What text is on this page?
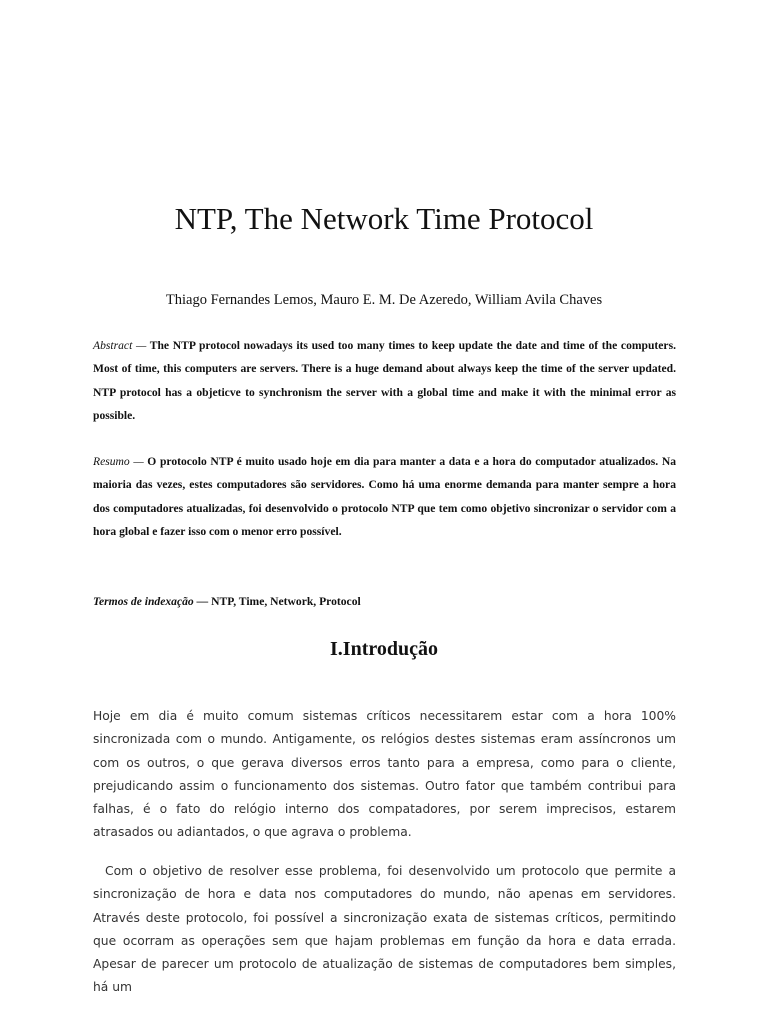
NTP, The Network Time Protocol
Thiago Fernandes Lemos, Mauro E. M. De Azeredo, William Avila Chaves

Abstract — The NTP protocol nowadays its used too many times to keep update the date and time of the computers. Most of time, this computers are servers. There is a huge demand about always keep the time of the server updated. NTP protocol has a objeticve to synchronism the server with a global time and make it with the minimal error as possible.

Resumo — O protocolo NTP é muito usado hoje em dia para manter a data e a hora do computador atualizados. Na maioria das vezes, estes computadores são servidores. Como há uma enorme demanda para manter sempre a hora dos computadores atualizadas, foi desenvolvido o protocolo NTP que tem como objetivo sincronizar o servidor com a hora global e fazer isso com o menor erro possível.

Termos de indexação — NTP, Time, Network, Protocol

I.Introdução

Hoje em dia é muito comum sistemas críticos necessitarem estar com a hora 100% sincronizada com o mundo. Antigamente, os relógios destes sistemas eram assíncronos um com os outros, o que gerava diversos erros tanto para a empresa, como para o cliente, prejudicando assim o funcionamento dos sistemas. Outro fator que também contribui para falhas, é o fato do relógio interno dos compatadores, por serem imprecisos, estarem atrasados ou adiantados, o que agrava o problema.

Com o objetivo de resolver esse problema, foi desenvolvido um protocolo que permite a sincronização de hora e data nos computadores do mundo, não apenas em servidores. Através deste protocolo, foi possível a sincronização exata de sistemas críticos, permitindo que ocorram as operações sem que hajam problemas em função da hora e data errada. Apesar de parecer um protocolo de atualização de sistemas de computadores bem simples, há um
